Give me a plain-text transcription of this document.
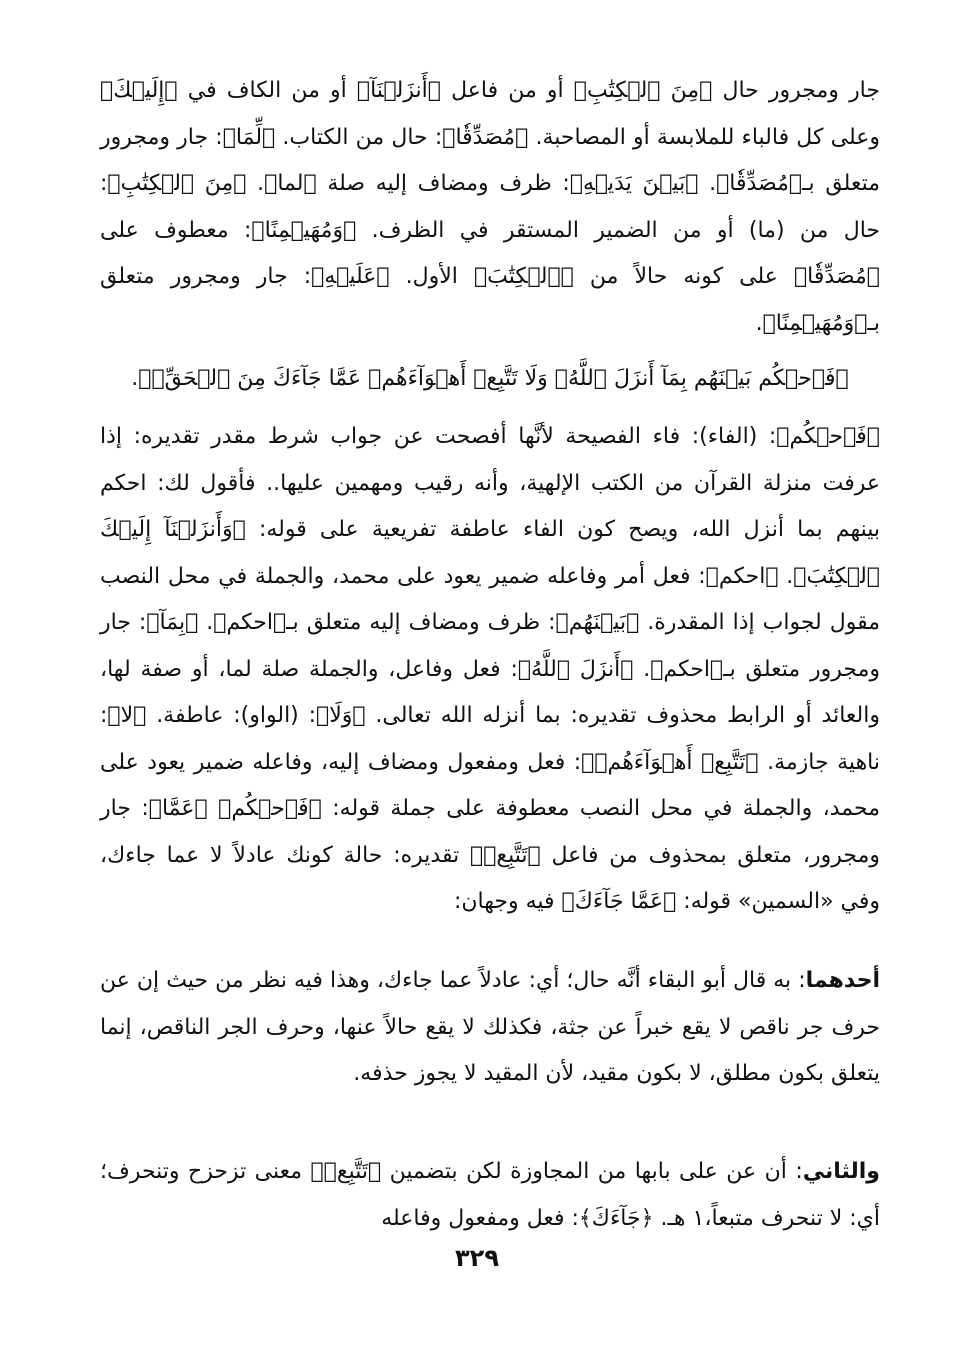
جار ومجرور حال ﴿مِنَ ٱلۡكِتَٰبِ﴾ أو من فاعل ﴿أَنزَلۡنَآ﴾ أو من الكاف في ﴿إِلَيۡكَ﴾ وعلى كل فالباء للملابسة أو المصاحبة. ﴿مُصَدِّقٗا﴾: حال من الكتاب. ﴿لِّمَا﴾: جار ومجرور متعلق بـ﴿مُصَدِّقٗا﴾. ﴿بَيۡنَ يَدَيۡهِ﴾: ظرف ومضاف إليه صلة ﴿لما﴾. ﴿مِنَ ٱلۡكِتَٰبِ﴾: حال من (ما) أو من الضمير المستقر في الظرف. ﴿وَمُهَيۡمِنًا﴾: معطوف على ﴿مُصَدِّقٗا﴾ على كونه حالاً من ﴿ٱلۡكِتَٰبَ﴾ الأول. ﴿عَلَيۡهِ﴾: جار ومجرور متعلق بـ﴿وَمُهَيۡمِنًا﴾.

﴿فَٱحۡكُم بَيۡنَهُم بِمَآ أَنزَلَ ٱللَّهُۖ وَلَا تَتَّبِعۡ أَهۡوَآءَهُمۡ عَمَّا جَآءَكَ مِنَ ٱلۡحَقِّۚ﴾.

﴿فَٱحۡكُم﴾: (الفاء): فاء الفصيحة لأنَّها أفصحت عن جواب شرط مقدر تقديره: إذا عرفت منزلة القرآن من الكتب الإلهية، وأنه رقيب ومهمين عليها.. فأقول لك: احكم بينهم بما أنزل الله، ويصح كون الفاء عاطفة تفريعية على قوله: ﴿وَأَنزَلۡنَآ إِلَيۡكَ ٱلۡكِتَٰبَ﴾. ﴿احكم﴾: فعل أمر وفاعله ضمير يعود على محمد، والجملة في محل النصب مقول لجواب إذا المقدرة. ﴿بَيۡنَهُم﴾: ظرف ومضاف إليه متعلق بـ﴿احكم﴾. ﴿بِمَآ﴾: جار ومجرور متعلق بـ﴿احكم﴾. ﴿أَنزَلَ ٱللَّهُ﴾: فعل وفاعل، والجملة صلة لما، أو صفة لها، والعائد أو الرابط محذوف تقديره: بما أنزله الله تعالى. ﴿وَلَا﴾: (الواو): عاطفة. ﴿لا﴾: ناهية جازمة. ﴿تَتَّبِعۡ أَهۡوَآءَهُمۡ﴾: فعل ومفعول ومضاف إليه، وفاعله ضمير يعود على محمد، والجملة في محل النصب معطوفة على جملة قوله: ﴿فَٱحۡكُم﴾ ﴿عَمَّا﴾: جار ومجرور، متعلق بمحذوف من فاعل ﴿تَتَّبِعۡ﴾ تقديره: حالة كونك عادلاً لا عما جاءك، وفي «السمين» قوله: ﴿عَمَّا جَآءَكَ﴾ فيه وجهان:

أحدهما: به قال أبو البقاء أنَّه حال؛ أي: عادلاً عما جاءك، وهذا فيه نظر من حيث إن عن حرف جر ناقص لا يقع خبراً عن جثة، فكذلك لا يقع حالاً عنها، وحرف الجر الناقص، إنما يتعلق بكون مطلق، لا بكون مقيد، لأن المقيد لا يجوز حذفه.

والثاني: أن عن على بابها من المجاوزة لكن بتضمين ﴿تَتَّبِعۡ﴾ معنى تزحزح وتنحرف؛ أي: لا تنحرف متبعاً،١ هـ. ﴿جَآءَكَ﴾: فعل ومفعول وفاعله

٣٢٩
